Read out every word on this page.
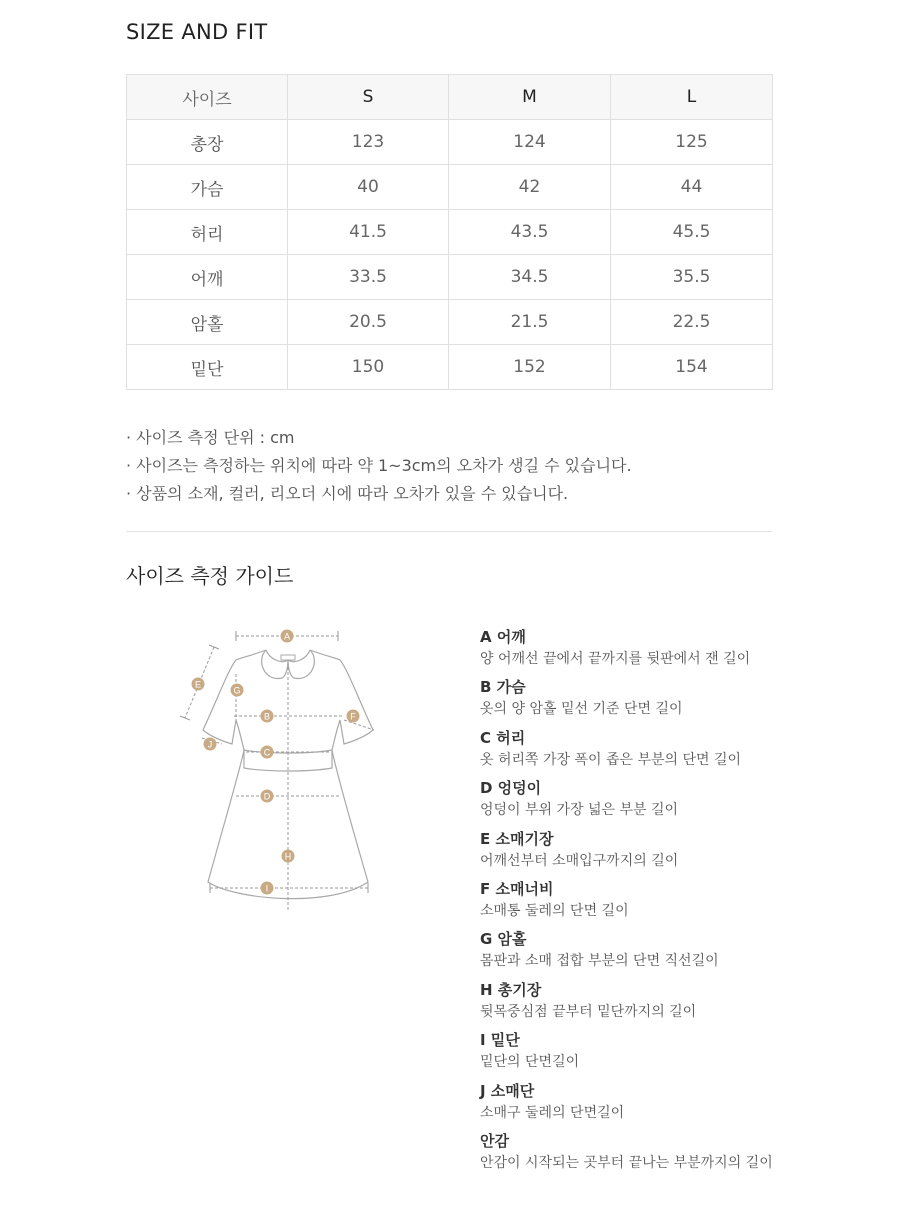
SIZE AND FIT
사이즈	S	M	L
총장	123	124	125
가슴	40	42	44
허리	41.5	43.5	45.5
어깨	33.5	34.5	35.5
암홀	20.5	21.5	22.5
밑단	150	152	154
· 사이즈 측정 단위 : cm
· 사이즈는 측정하는 위치에 따라 약 1~3cm의 오차가 생길 수 있습니다.
· 상품의 소재, 컬러, 리오더 시에 따라 오차가 있을 수 있습니다.
사이즈 측정 가이드
A
E
G
B	F
J
C
D
H
I
A 어깨
양 어깨선 끝에서 끝까지를 뒷판에서 잰 길이
B 가슴
옷의 양 암홀 밑선 기준 단면 길이
C 허리
옷 허리쪽 가장 폭이 좁은 부분의 단면 길이
D 엉덩이
엉덩이 부위 가장 넓은 부분 길이
E 소매기장
어깨선부터 소매입구까지의 길이
F 소매너비
소매통 둘레의 단면 길이
G 암홀
몸판과 소매 접합 부분의 단면 직선길이
H 총기장
뒷목중심점 끝부터 밑단까지의 길이
I 밑단
밑단의 단면길이
J 소매단
소매구 둘레의 단면길이
안감
안감이 시작되는 곳부터 끝나는 부분까지의 길이
